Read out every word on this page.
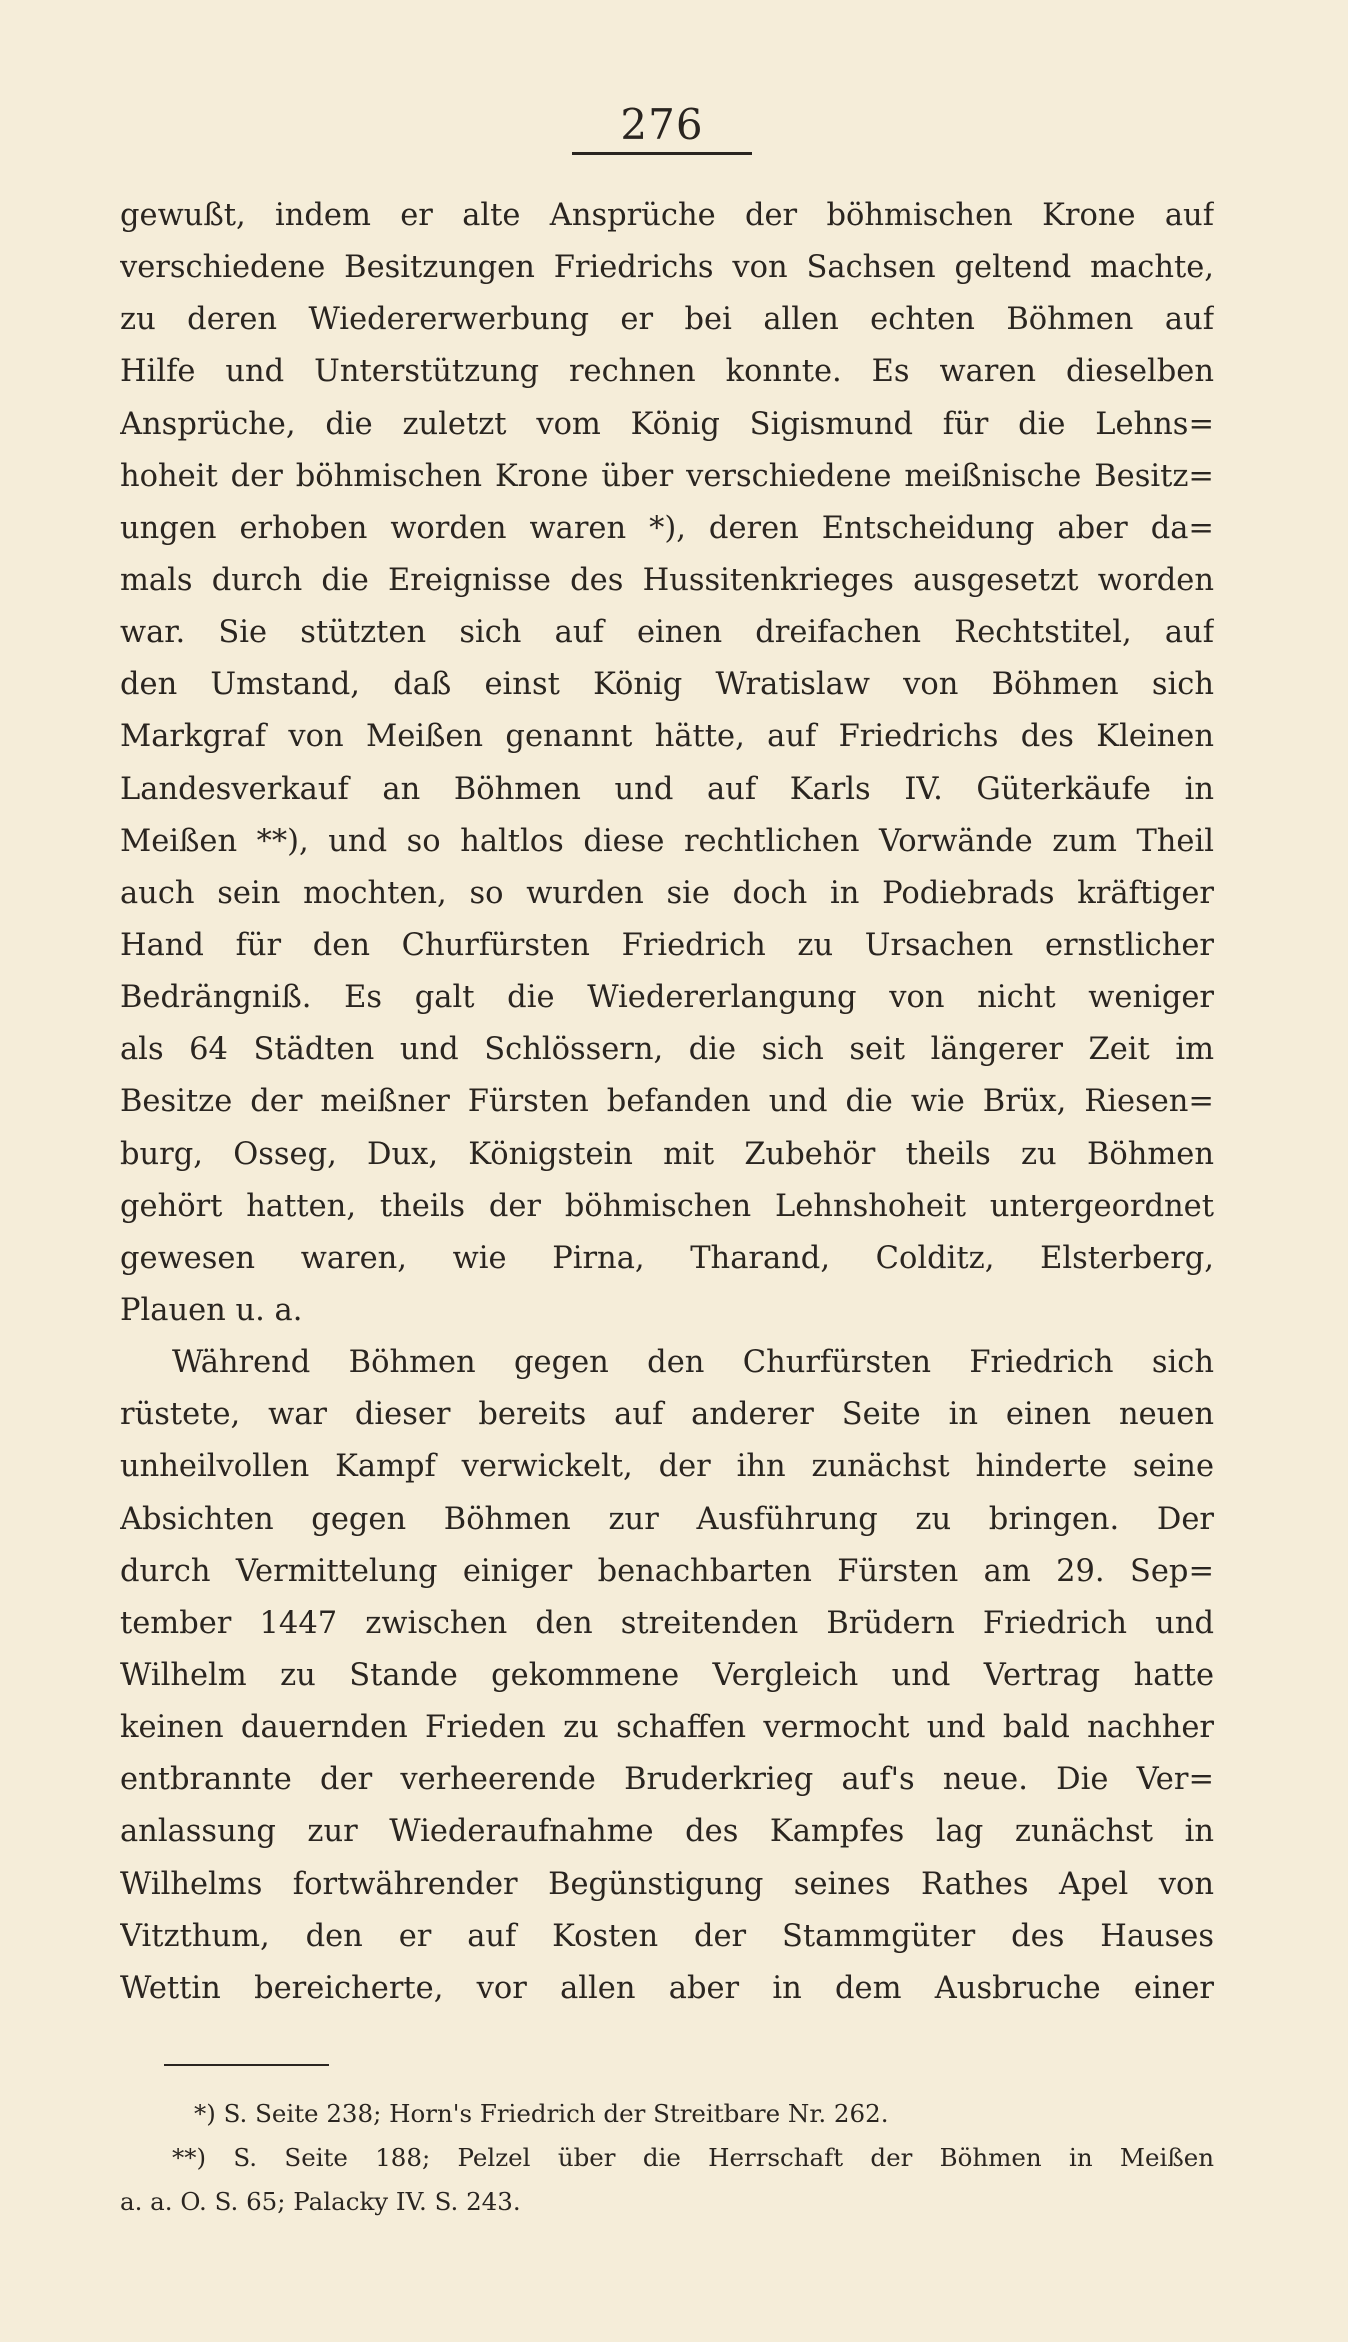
276
gewußt, indem er alte Ansprüche der böhmischen Krone auf
verschiedene Besitzungen Friedrichs von Sachsen geltend machte,
zu deren Wiedererwerbung er bei allen echten Böhmen auf
Hilfe und Unterstützung rechnen konnte. Es waren dieselben
Ansprüche, die zuletzt vom König Sigismund für die Lehns=
hoheit der böhmischen Krone über verschiedene meißnische Besitz=
ungen erhoben worden waren *), deren Entscheidung aber da=
mals durch die Ereignisse des Hussitenkrieges ausgesetzt worden
war. Sie stützten sich auf einen dreifachen Rechtstitel, auf
den Umstand, daß einst König Wratislaw von Böhmen sich
Markgraf von Meißen genannt hätte, auf Friedrichs des Kleinen
Landesverkauf an Böhmen und auf Karls IV. Güterkäufe in
Meißen **), und so haltlos diese rechtlichen Vorwände zum Theil
auch sein mochten, so wurden sie doch in Podiebrads kräftiger
Hand für den Churfürsten Friedrich zu Ursachen ernstlicher
Bedrängniß. Es galt die Wiedererlangung von nicht weniger
als 64 Städten und Schlössern, die sich seit längerer Zeit im
Besitze der meißner Fürsten befanden und die wie Brüx, Riesen=
burg, Osseg, Dux, Königstein mit Zubehör theils zu Böhmen
gehört hatten, theils der böhmischen Lehnshoheit untergeordnet
gewesen waren, wie Pirna, Tharand, Colditz, Elsterberg,
Plauen u. a.
Während Böhmen gegen den Churfürsten Friedrich sich
rüstete, war dieser bereits auf anderer Seite in einen neuen
unheilvollen Kampf verwickelt, der ihn zunächst hinderte seine
Absichten gegen Böhmen zur Ausführung zu bringen. Der
durch Vermittelung einiger benachbarten Fürsten am 29. Sep=
tember 1447 zwischen den streitenden Brüdern Friedrich und
Wilhelm zu Stande gekommene Vergleich und Vertrag hatte
keinen dauernden Frieden zu schaffen vermocht und bald nachher
entbrannte der verheerende Bruderkrieg auf's neue. Die Ver=
anlassung zur Wiederaufnahme des Kampfes lag zunächst in
Wilhelms fortwährender Begünstigung seines Rathes Apel von
Vitzthum, den er auf Kosten der Stammgüter des Hauses
Wettin bereicherte, vor allen aber in dem Ausbruche einer
*) S. Seite 238; Horn's Friedrich der Streitbare Nr. 262.
**) S. Seite 188; Pelzel über die Herrschaft der Böhmen in Meißen
a. a. O. S. 65; Palacky IV. S. 243.
